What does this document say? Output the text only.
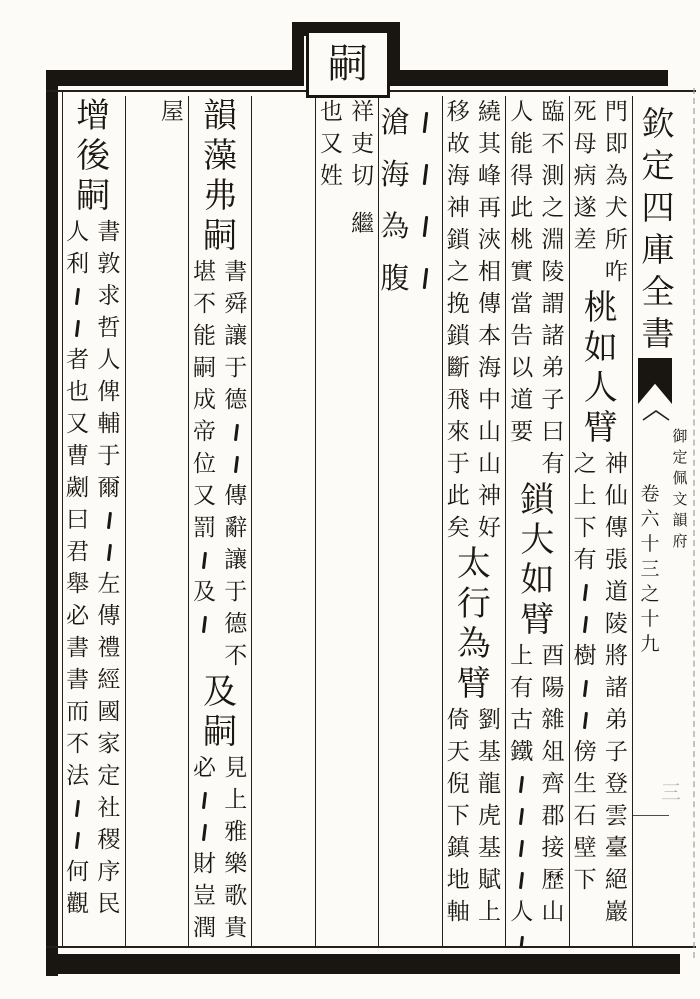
嗣
門
即
為
犬
所
咋
死
母
病
遂
差
桃
如
人
臂
神
仙
傳
張
道
陵
將
諸
弟
子
登
雲
臺
絕
巖
之
上
下
有
樹
傍
生
石
壁
下
臨
不
測
之
淵
陵
謂
諸
弟
子
曰
有
人
能
得
此
桃
實
當
告
以
道
要
鎖
大
如
臂
酉
陽
雜
俎
齊
郡
接
歷
山
上
有
古
鐵
人
繞
其
峰
再
浹
相
傳
本
海
中
山
山
神
好
移
故
海
神
鎖
之
挽
鎖
斷
飛
來
于
此
矣
太
行
為
臂
劉
基
龍
虎
基
賦
上
倚
天
倪
下
鎮
地
軸
滄
海
為
腹
祥
吏
切
繼
也
又
姓
韻
藻
弗
嗣
書
舜
讓
于
德
傳
辭
讓
于
德
不
堪
不
能
嗣
成
帝
位
又
罰
及
及
嗣
見
上
雅
樂
歌
貴
必
財
豈
潤
屋
增
後
嗣
書
敦
求
哲
人
俾
輔
于
爾
左
傳
禮
經
國
家
定
社
稷
序
民
人
利
者
也
又
曹
劌
曰
君
舉
必
書
書
而
不
法
何
觀
欽
定
四
庫
全
書
御
定
佩
文
韻
府
卷
六
十
三
之
十
九
三
